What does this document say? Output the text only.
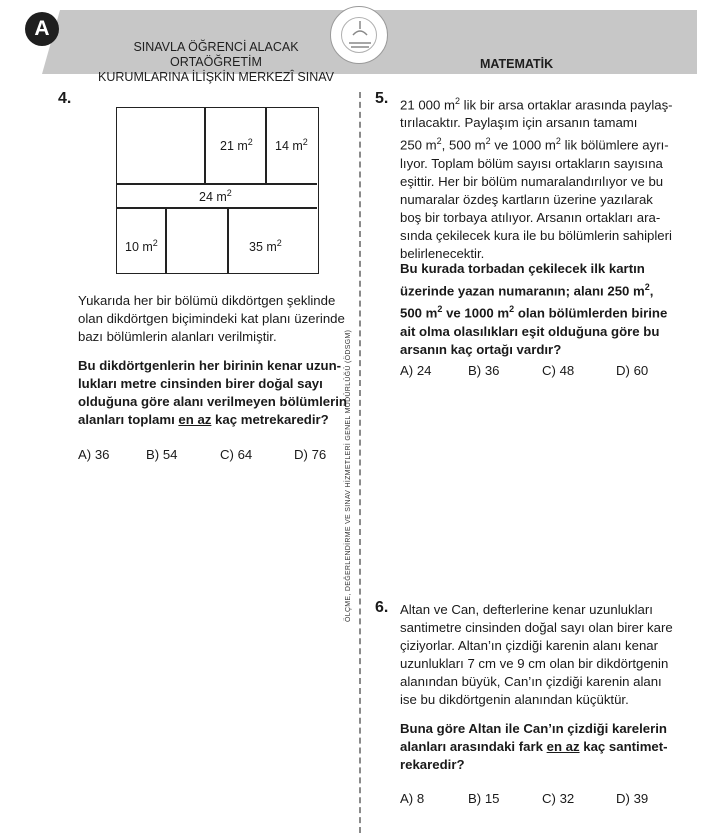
A
SINAVLA ÖĞRENCİ ALACAK ORTAÖĞRETİM
KURUMLARINA İLİŞKİN MERKEZÎ SINAV
MATEMATİK
ÖLÇME, DEĞERLENDİRME VE SINAV HİZMETLERİ GENEL MÜDÜRLÜĞÜ (ÖDSGM)
4.
21 $m^2$ 14 $m^2$
24 $m^2$
10 $m^2$	35 $m^2$
Yukarıda her bir bölümü dikdörtgen şeklinde
olan dikdörtgen biçimindeki kat planı üzerinde
bazı bölümlerin alanları verilmiştir.
Bu dikdörtgenlerin her birinin kenar uzun-
lukları metre cinsinden birer doğal sayı
olduğuna göre alanı verilmeyen bölümlerin
alanları toplamı en az kaç metrekaredir?
A) 36	B) 54	C) 64	D) 76
5. 21 000 $m^2$ lik bir arsa ortaklar arasında paylaş-
tırılacaktır. Paylaşım için arsanın tamamı
250 $m^2$, 500 $m^2$ ve 1000 $m^2$ lik bölümlere ayrı-
lıyor. Toplam bölüm sayısı ortakların sayısına
eşittir. Her bir bölüm numaralandırılıyor ve bu
numaralar özdeş kartların üzerine yazılarak
boş bir torbaya atılıyor. Arsanın ortakları ara-
sında çekilecek kura ile bu bölümlerin sahipleri
belirlenecektir.
Bu kurada torbadan çekilecek ilk kartın
üzerinde yazan numaranın; alanı 250 $m^2$,
500 $m^2$ ve 1000 $m^2$ olan bölümlerden birine
ait olma olasılıkları eşit olduğuna göre bu
arsanın kaç ortağı vardır?
A) 24	B) 36	C) 48	D) 60
6. Altan ve Can, defterlerine kenar uzunlukları
santimetre cinsinden doğal sayı olan birer kare
çiziyorlar. Altan’ın çizdiği karenin alanı kenar
uzunlukları 7 cm ve 9 cm olan bir dikdörtgenin
alanından büyük, Can’ın çizdiği karenin alanı
ise bu dikdörtgenin alanından küçüktür.
Buna göre Altan ile Can’ın çizdiği karelerin
alanları arasındaki fark en az kaç santimet-
rekaredir?
A) 8	B) 15	C) 32	D) 39
